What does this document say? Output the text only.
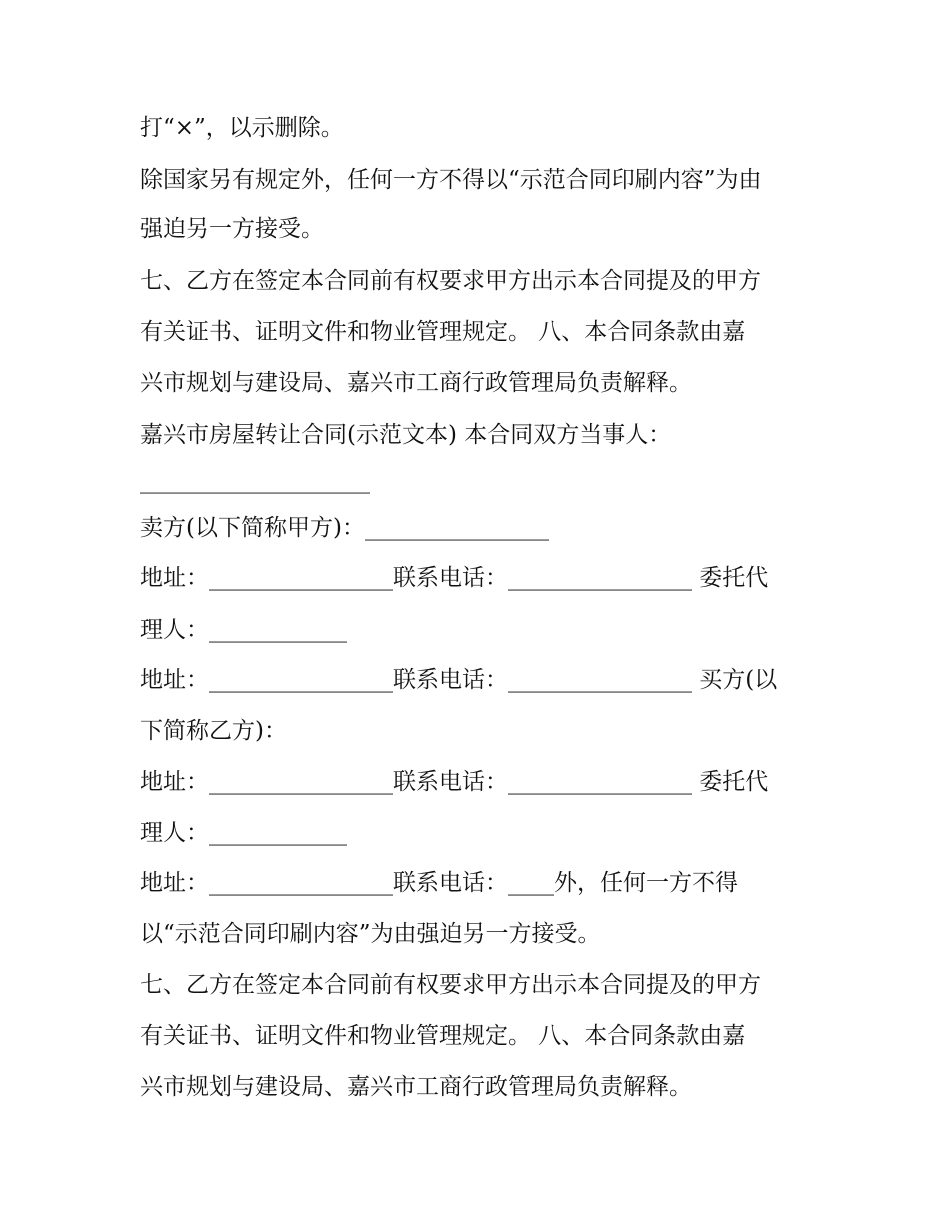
打“×”，以示删除。
除国家另有规定外，任何一方不得以“示范合同印刷内容”为由
强迫另一方接受。
七、乙方在签定本合同前有权要求甲方出示本合同提及的甲方
有关证书、证明文件和物业管理规定。 八、本合同条款由嘉
兴市规划与建设局、嘉兴市工商行政管理局负责解释。
嘉兴市房屋转让合同(示范文本) 本合同双方当事人：
____________________
卖方(以下简称甲方)：________________
地址：________________联系电话：________________ 委托代
理人：____________
地址：________________联系电话：________________ 买方(以
下简称乙方)：
地址：________________联系电话：________________ 委托代
理人：____________
地址：________________联系电话：____外，任何一方不得
以“示范合同印刷内容”为由强迫另一方接受。
七、乙方在签定本合同前有权要求甲方出示本合同提及的甲方
有关证书、证明文件和物业管理规定。 八、本合同条款由嘉
兴市规划与建设局、嘉兴市工商行政管理局负责解释。
